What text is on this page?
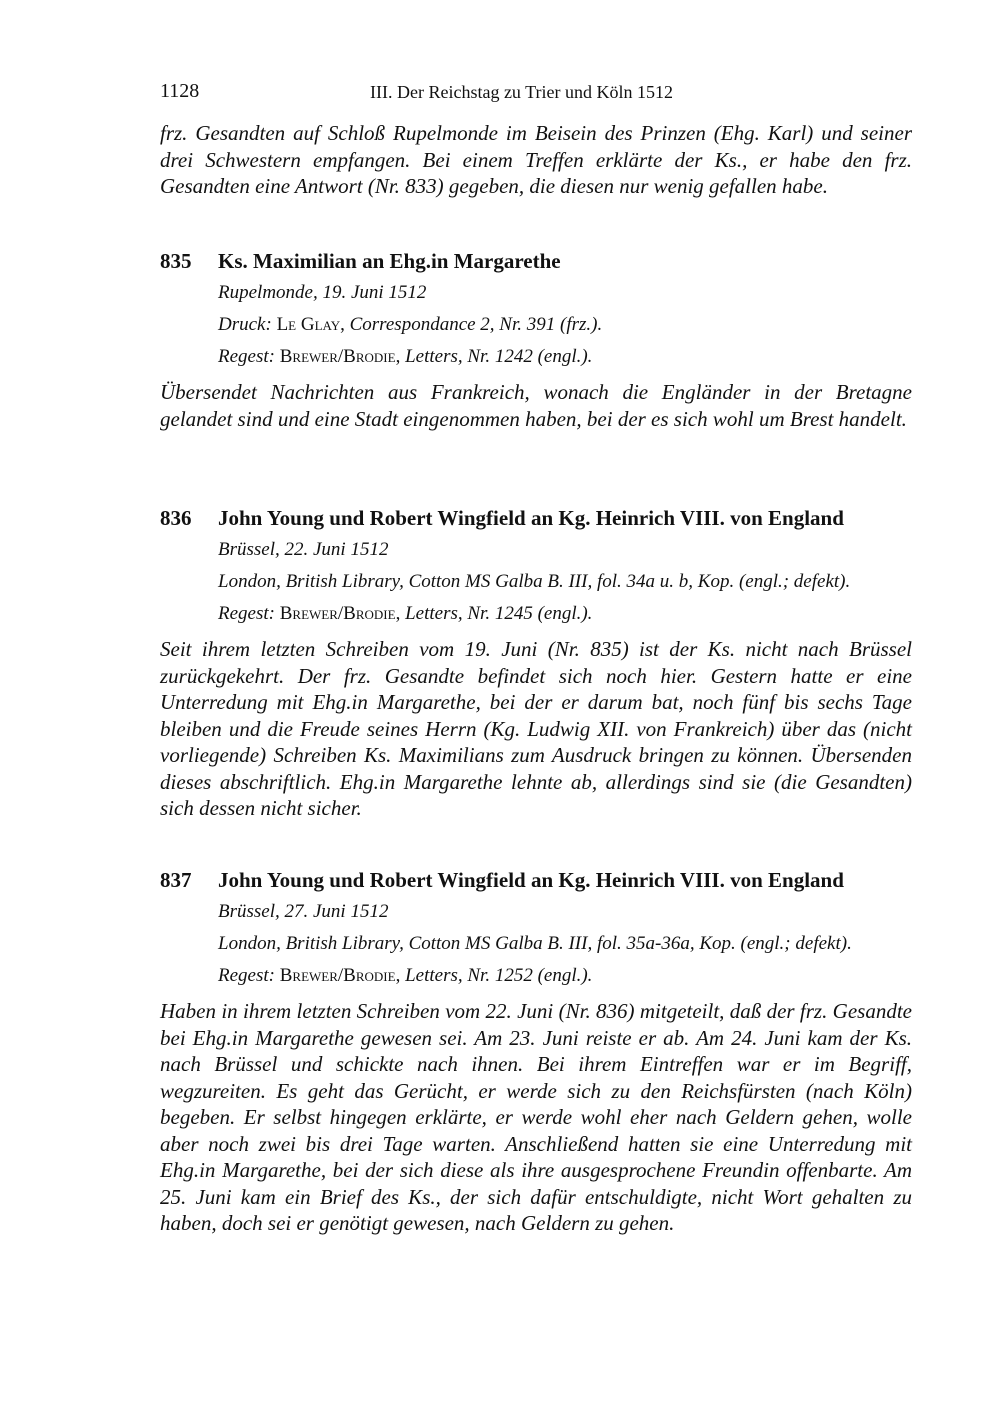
1128	III. Der Reichstag zu Trier und Köln 1512

frz. Gesandten auf Schloß Rupelmonde im Beisein des Prinzen (Ehg. Karl) und seiner drei Schwestern empfangen. Bei einem Treffen erklärte der Ks., er habe den frz. Gesandten eine Antwort (Nr. 833) gegeben, die diesen nur wenig gefallen habe.

835 Ks. Maximilian an Ehg.in Margarethe
Rupelmonde, 19. Juni 1512
Druck: Le Glay, Correspondance 2, Nr. 391 (frz.).
Regest: Brewer/Brodie, Letters, Nr. 1242 (engl.).

Übersendet Nachrichten aus Frankreich, wonach die Engländer in der Bretagne gelandet sind und eine Stadt eingenommen haben, bei der es sich wohl um Brest handelt.

836 John Young und Robert Wingfield an Kg. Heinrich VIII. von England
Brüssel, 22. Juni 1512
London, British Library, Cotton MS Galba B. III, fol. 34a u. b, Kop. (engl.; defekt).
Regest: Brewer/Brodie, Letters, Nr. 1245 (engl.).

Seit ihrem letzten Schreiben vom 19. Juni (Nr. 835) ist der Ks. nicht nach Brüssel zurückgekehrt. Der frz. Gesandte befindet sich noch hier. Gestern hatte er eine Unterredung mit Ehg.in Margarethe, bei der er darum bat, noch fünf bis sechs Tage bleiben und die Freude seines Herrn (Kg. Ludwig XII. von Frankreich) über das (nicht vorliegende) Schreiben Ks. Maximilians zum Ausdruck bringen zu können. Übersenden dieses abschriftlich. Ehg.in Margarethe lehnte ab, allerdings sind sie (die Gesandten) sich dessen nicht sicher.

837 John Young und Robert Wingfield an Kg. Heinrich VIII. von England
Brüssel, 27. Juni 1512
London, British Library, Cotton MS Galba B. III, fol. 35a-36a, Kop. (engl.; defekt).
Regest: Brewer/Brodie, Letters, Nr. 1252 (engl.).

Haben in ihrem letzten Schreiben vom 22. Juni (Nr. 836) mitgeteilt, daß der frz. Gesandte bei Ehg.in Margarethe gewesen sei. Am 23. Juni reiste er ab. Am 24. Juni kam der Ks. nach Brüssel und schickte nach ihnen. Bei ihrem Eintreffen war er im Begriff, wegzureiten. Es geht das Gerücht, er werde sich zu den Reichsfürsten (nach Köln) begeben. Er selbst hingegen erklärte, er werde wohl eher nach Geldern gehen, wolle aber noch zwei bis drei Tage warten. Anschließend hatten sie eine Unterredung mit Ehg.in Margarethe, bei der sich diese als ihre ausgesprochene Freundin offenbarte. Am 25. Juni kam ein Brief des Ks., der sich dafür entschuldigte, nicht Wort gehalten zu haben, doch sei er genötigt gewesen, nach Geldern zu gehen.
